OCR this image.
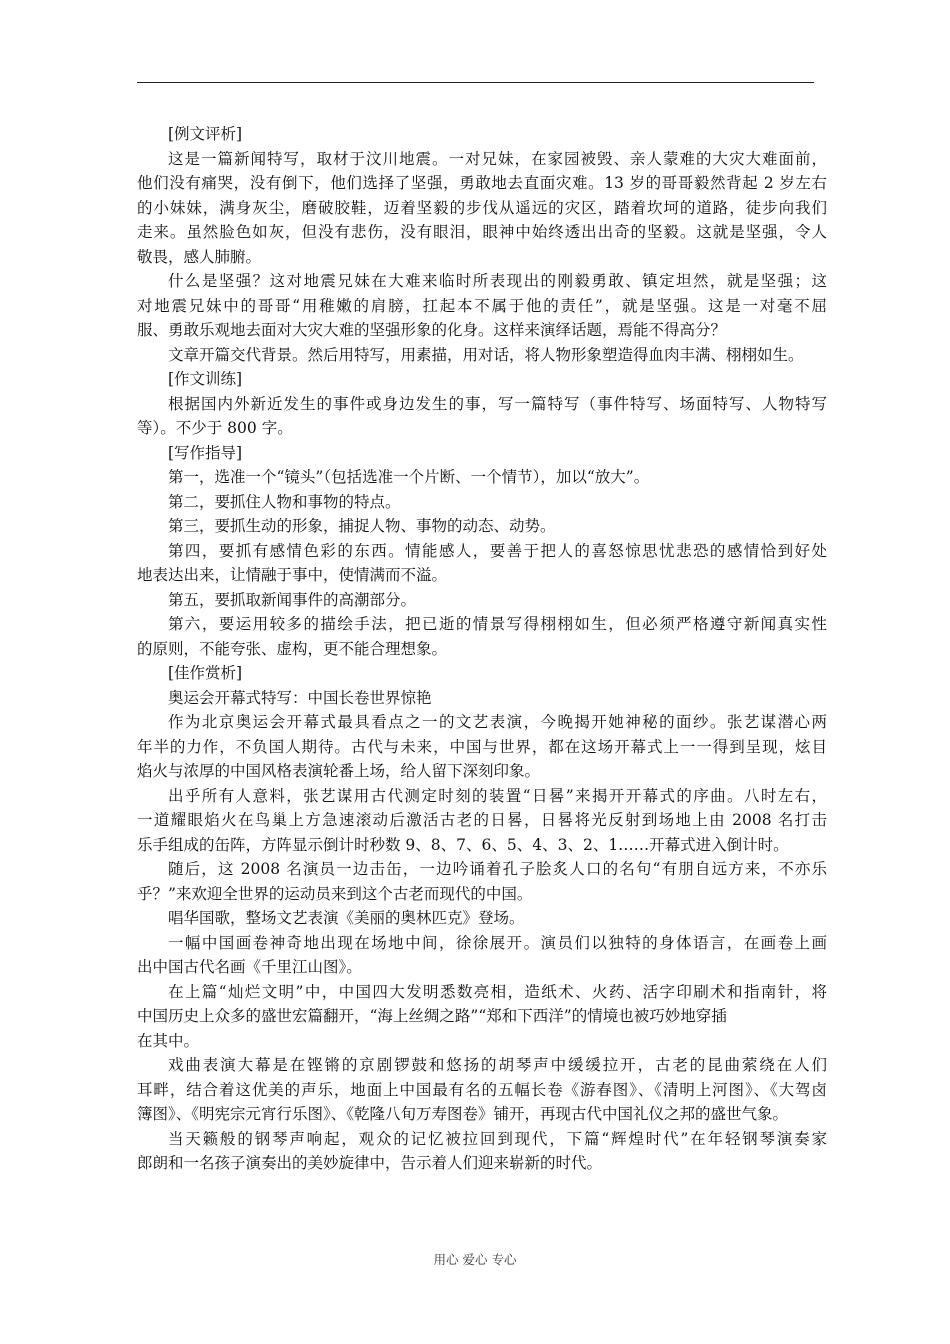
[例文评析]
这是一篇新闻特写，取材于汶川地震。一对兄妹，在家园被毁、亲人蒙难的大灾大难面前，
他们没有痛哭，没有倒下，他们选择了坚强，勇敢地去直面灾难。13 岁的哥哥毅然背起 2 岁左右
的小妹妹，满身灰尘，磨破胶鞋，迈着坚毅的步伐从遥远的灾区，踏着坎坷的道路，徒步向我们
走来。虽然脸色如灰，但没有悲伤，没有眼泪，眼神中始终透出出奇的坚毅。这就是坚强，令人
敬畏，感人肺腑。
什么是坚强？这对地震兄妹在大难来临时所表现出的刚毅勇敢、镇定坦然，就是坚强；这
对地震兄妹中的哥哥“用稚嫩的肩膀，扛起本不属于他的责任”，就是坚强。这是一对毫不屈
服、勇敢乐观地去面对大灾大难的坚强形象的化身。这样来演绎话题，焉能不得高分？
文章开篇交代背景。然后用特写，用素描，用对话，将人物形象塑造得血肉丰满、栩栩如生。
[作文训练]
根据国内外新近发生的事件或身边发生的事，写一篇特写（事件特写、场面特写、人物特写
等）。不少于 800 字。
[写作指导]
第一，选准一个“镜头”（包括选准一个片断、一个情节），加以“放大”。
第二，要抓住人物和事物的特点。
第三，要抓生动的形象，捕捉人物、事物的动态、动势。
第四，要抓有感情色彩的东西。情能感人，要善于把人的喜怒惊思忧悲恐的感情恰到好处
地表达出来，让情融于事中，使情满而不溢。
第五，要抓取新闻事件的高潮部分。
第六，要运用较多的描绘手法，把已逝的情景写得栩栩如生，但必须严格遵守新闻真实性
的原则，不能夸张、虚构，更不能合理想象。
[佳作赏析]
奥运会开幕式特写：中国长卷世界惊艳
作为北京奥运会开幕式最具看点之一的文艺表演，今晚揭开她神秘的面纱。张艺谋潜心两
年半的力作，不负国人期待。古代与未来，中国与世界，都在这场开幕式上一一得到呈现，炫目
焰火与浓厚的中国风格表演轮番上场，给人留下深刻印象。
出乎所有人意料，张艺谋用古代测定时刻的装置“日晷”来揭开开幕式的序曲。八时左右，
一道耀眼焰火在鸟巢上方急速滚动后激活古老的日晷，日晷将光反射到场地上由 2008 名打击
乐手组成的缶阵，方阵显示倒计时秒数 9、8、7、6、5、4、3、2、1……开幕式进入倒计时。
随后，这 2008 名演员一边击缶，一边吟诵着孔子脍炙人口的名句“有朋自远方来，不亦乐
乎？”来欢迎全世界的运动员来到这个古老而现代的中国。
唱华国歌，整场文艺表演《美丽的奥林匹克》登场。
一幅中国画卷神奇地出现在场地中间，徐徐展开。演员们以独特的身体语言，在画卷上画
出中国古代名画《千里江山图》。
在上篇“灿烂文明”中，中国四大发明悉数亮相，造纸术、火药、活字印刷术和指南针，将
中国历史上众多的盛世宏篇翻开，“海上丝绸之路”“郑和下西洋”的情境也被巧妙地穿插
在其中。
戏曲表演大幕是在铿锵的京剧锣鼓和悠扬的胡琴声中缓缓拉开，古老的昆曲萦绕在人们
耳畔，结合着这优美的声乐，地面上中国最有名的五幅长卷《游春图》、《清明上河图》、《大驾卤
簿图》、《明宪宗元宵行乐图》、《乾隆八旬万寿图卷》铺开，再现古代中国礼仪之邦的盛世气象。
当天籁般的钢琴声响起，观众的记忆被拉回到现代，下篇“辉煌时代”在年轻钢琴演奏家
郎朗和一名孩子演奏出的美妙旋律中，告示着人们迎来崭新的时代。
用心 爱心 专心
